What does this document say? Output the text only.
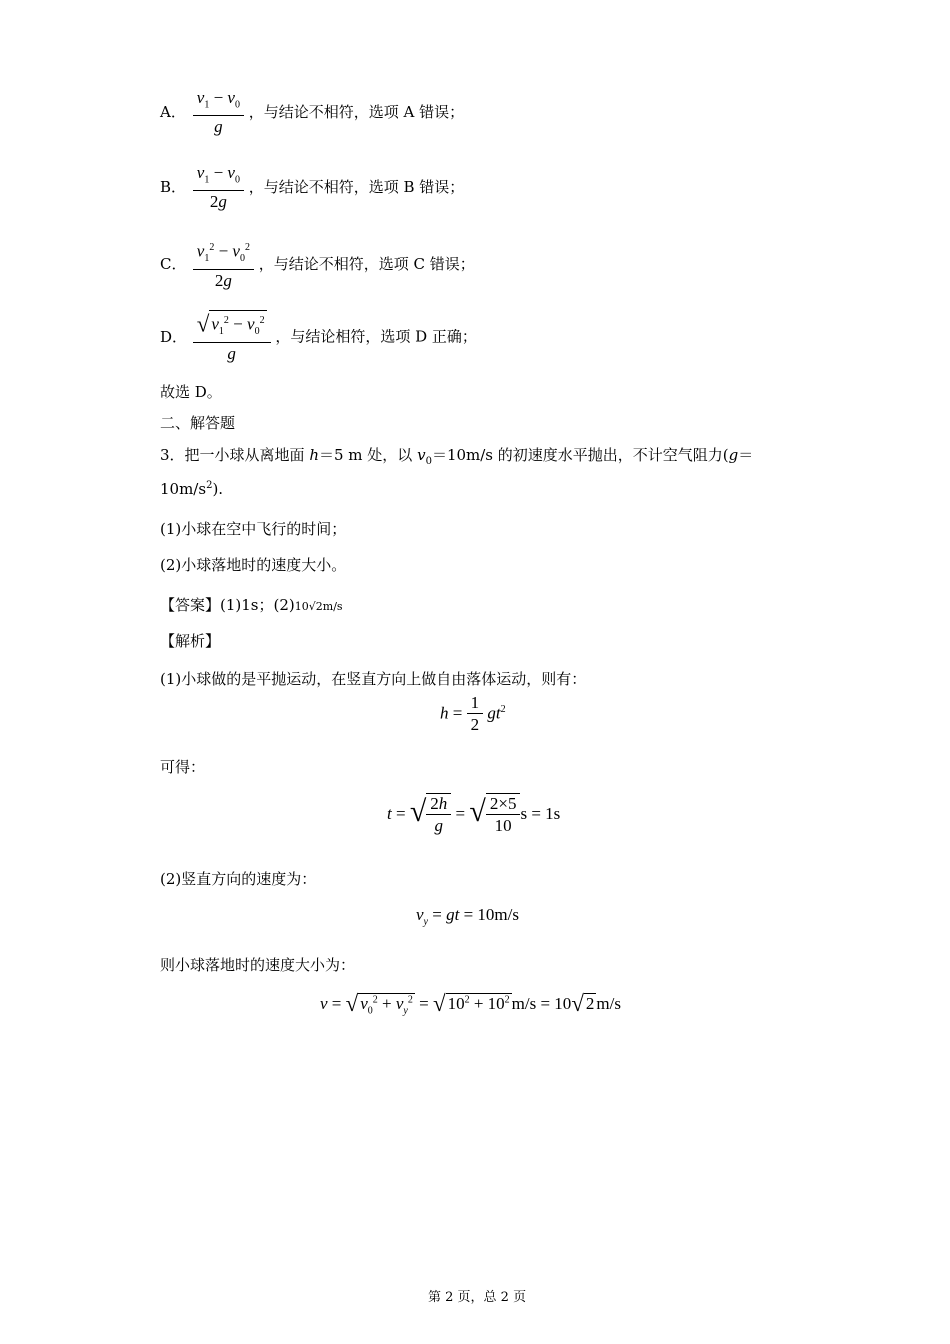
A． $\frac{v_1 - v_0}{g}$ ，与结论不相符，选项 A 错误；
B． $\frac{v_1 - v_0}{2g}$ ，与结论不相符，选项 B 错误；
C． $\frac{v_1^2 - v_0^2}{2g}$ ，与结论不相符，选项 C 错误；
D． $\frac{√ v_1^2 - v_0^2}{g}$ ，与结论相符，选项 D 正确；
故选 D。
二、解答题
3．把一小球从离地面 h＝5 m 处，以 $v_0=10m/s$ 的初速度水平抛出，不计空气阻力(g＝
$10m/s^2$).
(1)小球在空中飞行的时间；
(2)小球落地时的速度大小。
【答案】(1)1s；(2)10√2m/s
【解析】
(1)小球做的是平抛运动，在竖直方向上做自由落体运动，则有：
$h = \frac{1}{2} gt^2$
可得：
t = √ $\frac{2h}{g}$ = √ $\frac{2\times 5}{10}$ s = 1s
(2)竖直方向的速度为：
$v_y$ = gt = 10m/s
则小球落地时的速度大小为：
v = √ $v_0^2 + v_y^2$ = √ $10^2 + 10^2$ m/s = 10√ 2 m/s
第 2 页，总 2 页
